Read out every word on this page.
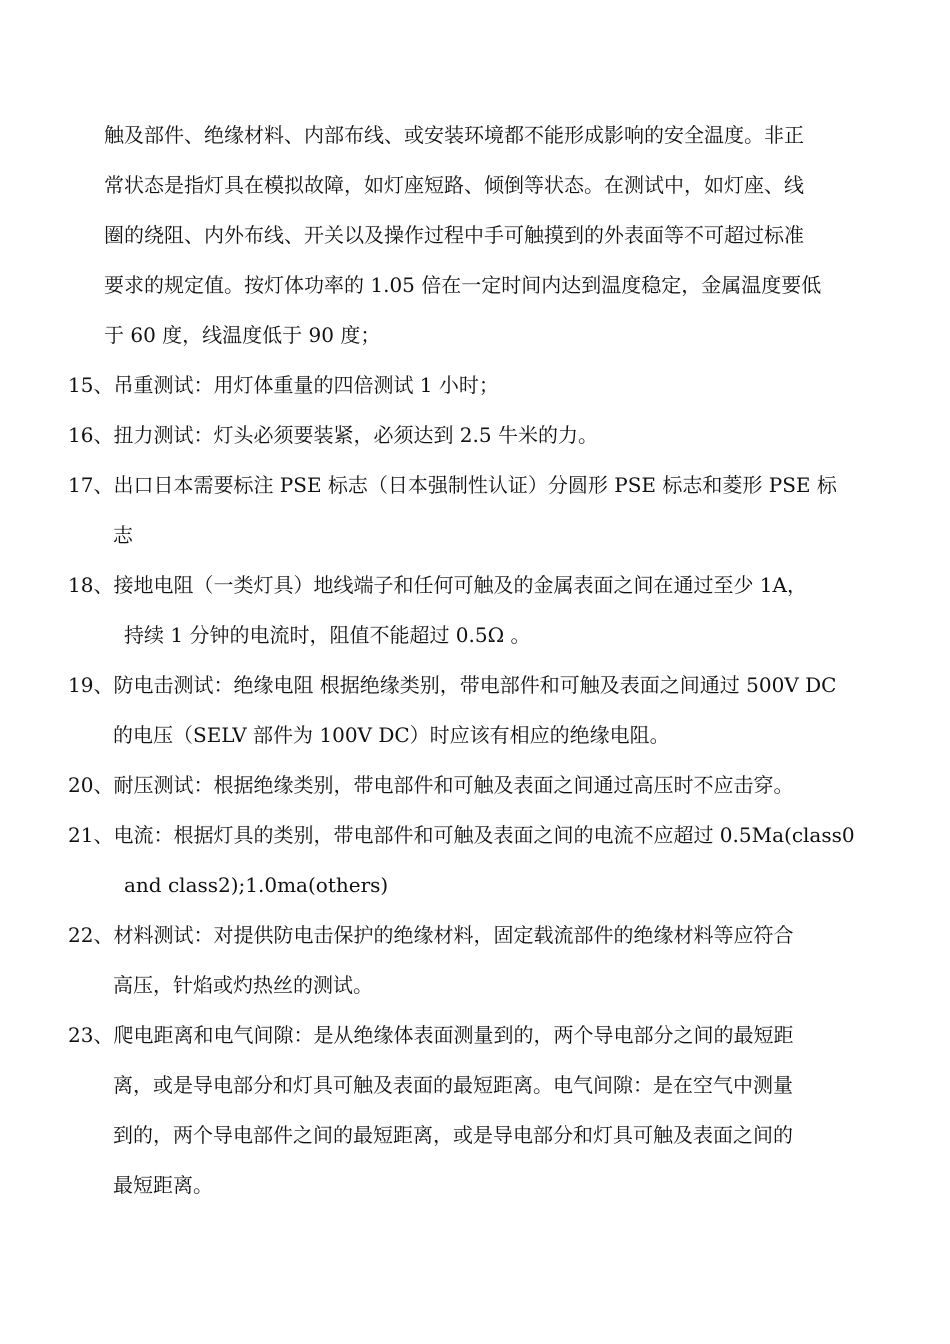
触及部件、绝缘材料、内部布线、或安装环境都不能形成影响的安全温度。非正
常状态是指灯具在模拟故障，如灯座短路、倾倒等状态。在测试中，如灯座、线
圈的绕阻、内外布线、开关以及操作过程中手可触摸到的外表面等不可超过标准
要求的规定值。按灯体功率的 1.05 倍在一定时间内达到温度稳定，金属温度要低
于 60 度，线温度低于 90 度；
15、吊重测试：用灯体重量的四倍测试 1 小时；
16、扭力测试：灯头必须要装紧，必须达到 2.5 牛米的力。
17、出口日本需要标注 PSE 标志（日本强制性认证）分圆形 PSE 标志和菱形 PSE 标
志
18、接地电阻（一类灯具）地线端子和任何可触及的金属表面之间在通过至少 1A，
持续 1 分钟的电流时，阻值不能超过 0.5Ω 。
19、防电击测试：绝缘电阻 根据绝缘类别，带电部件和可触及表面之间通过 500V DC
的电压（SELV 部件为 100V DC）时应该有相应的绝缘电阻。
20、耐压测试：根据绝缘类别，带电部件和可触及表面之间通过高压时不应击穿。
21、电流：根据灯具的类别，带电部件和可触及表面之间的电流不应超过 0.5Ma(class0
and class2);1.0ma(others)
22、材料测试：对提供防电击保护的绝缘材料，固定载流部件的绝缘材料等应符合
高压，针焰或灼热丝的测试。
23、爬电距离和电气间隙：是从绝缘体表面测量到的，两个导电部分之间的最短距
离，或是导电部分和灯具可触及表面的最短距离。电气间隙：是在空气中测量
到的，两个导电部件之间的最短距离，或是导电部分和灯具可触及表面之间的
最短距离。
